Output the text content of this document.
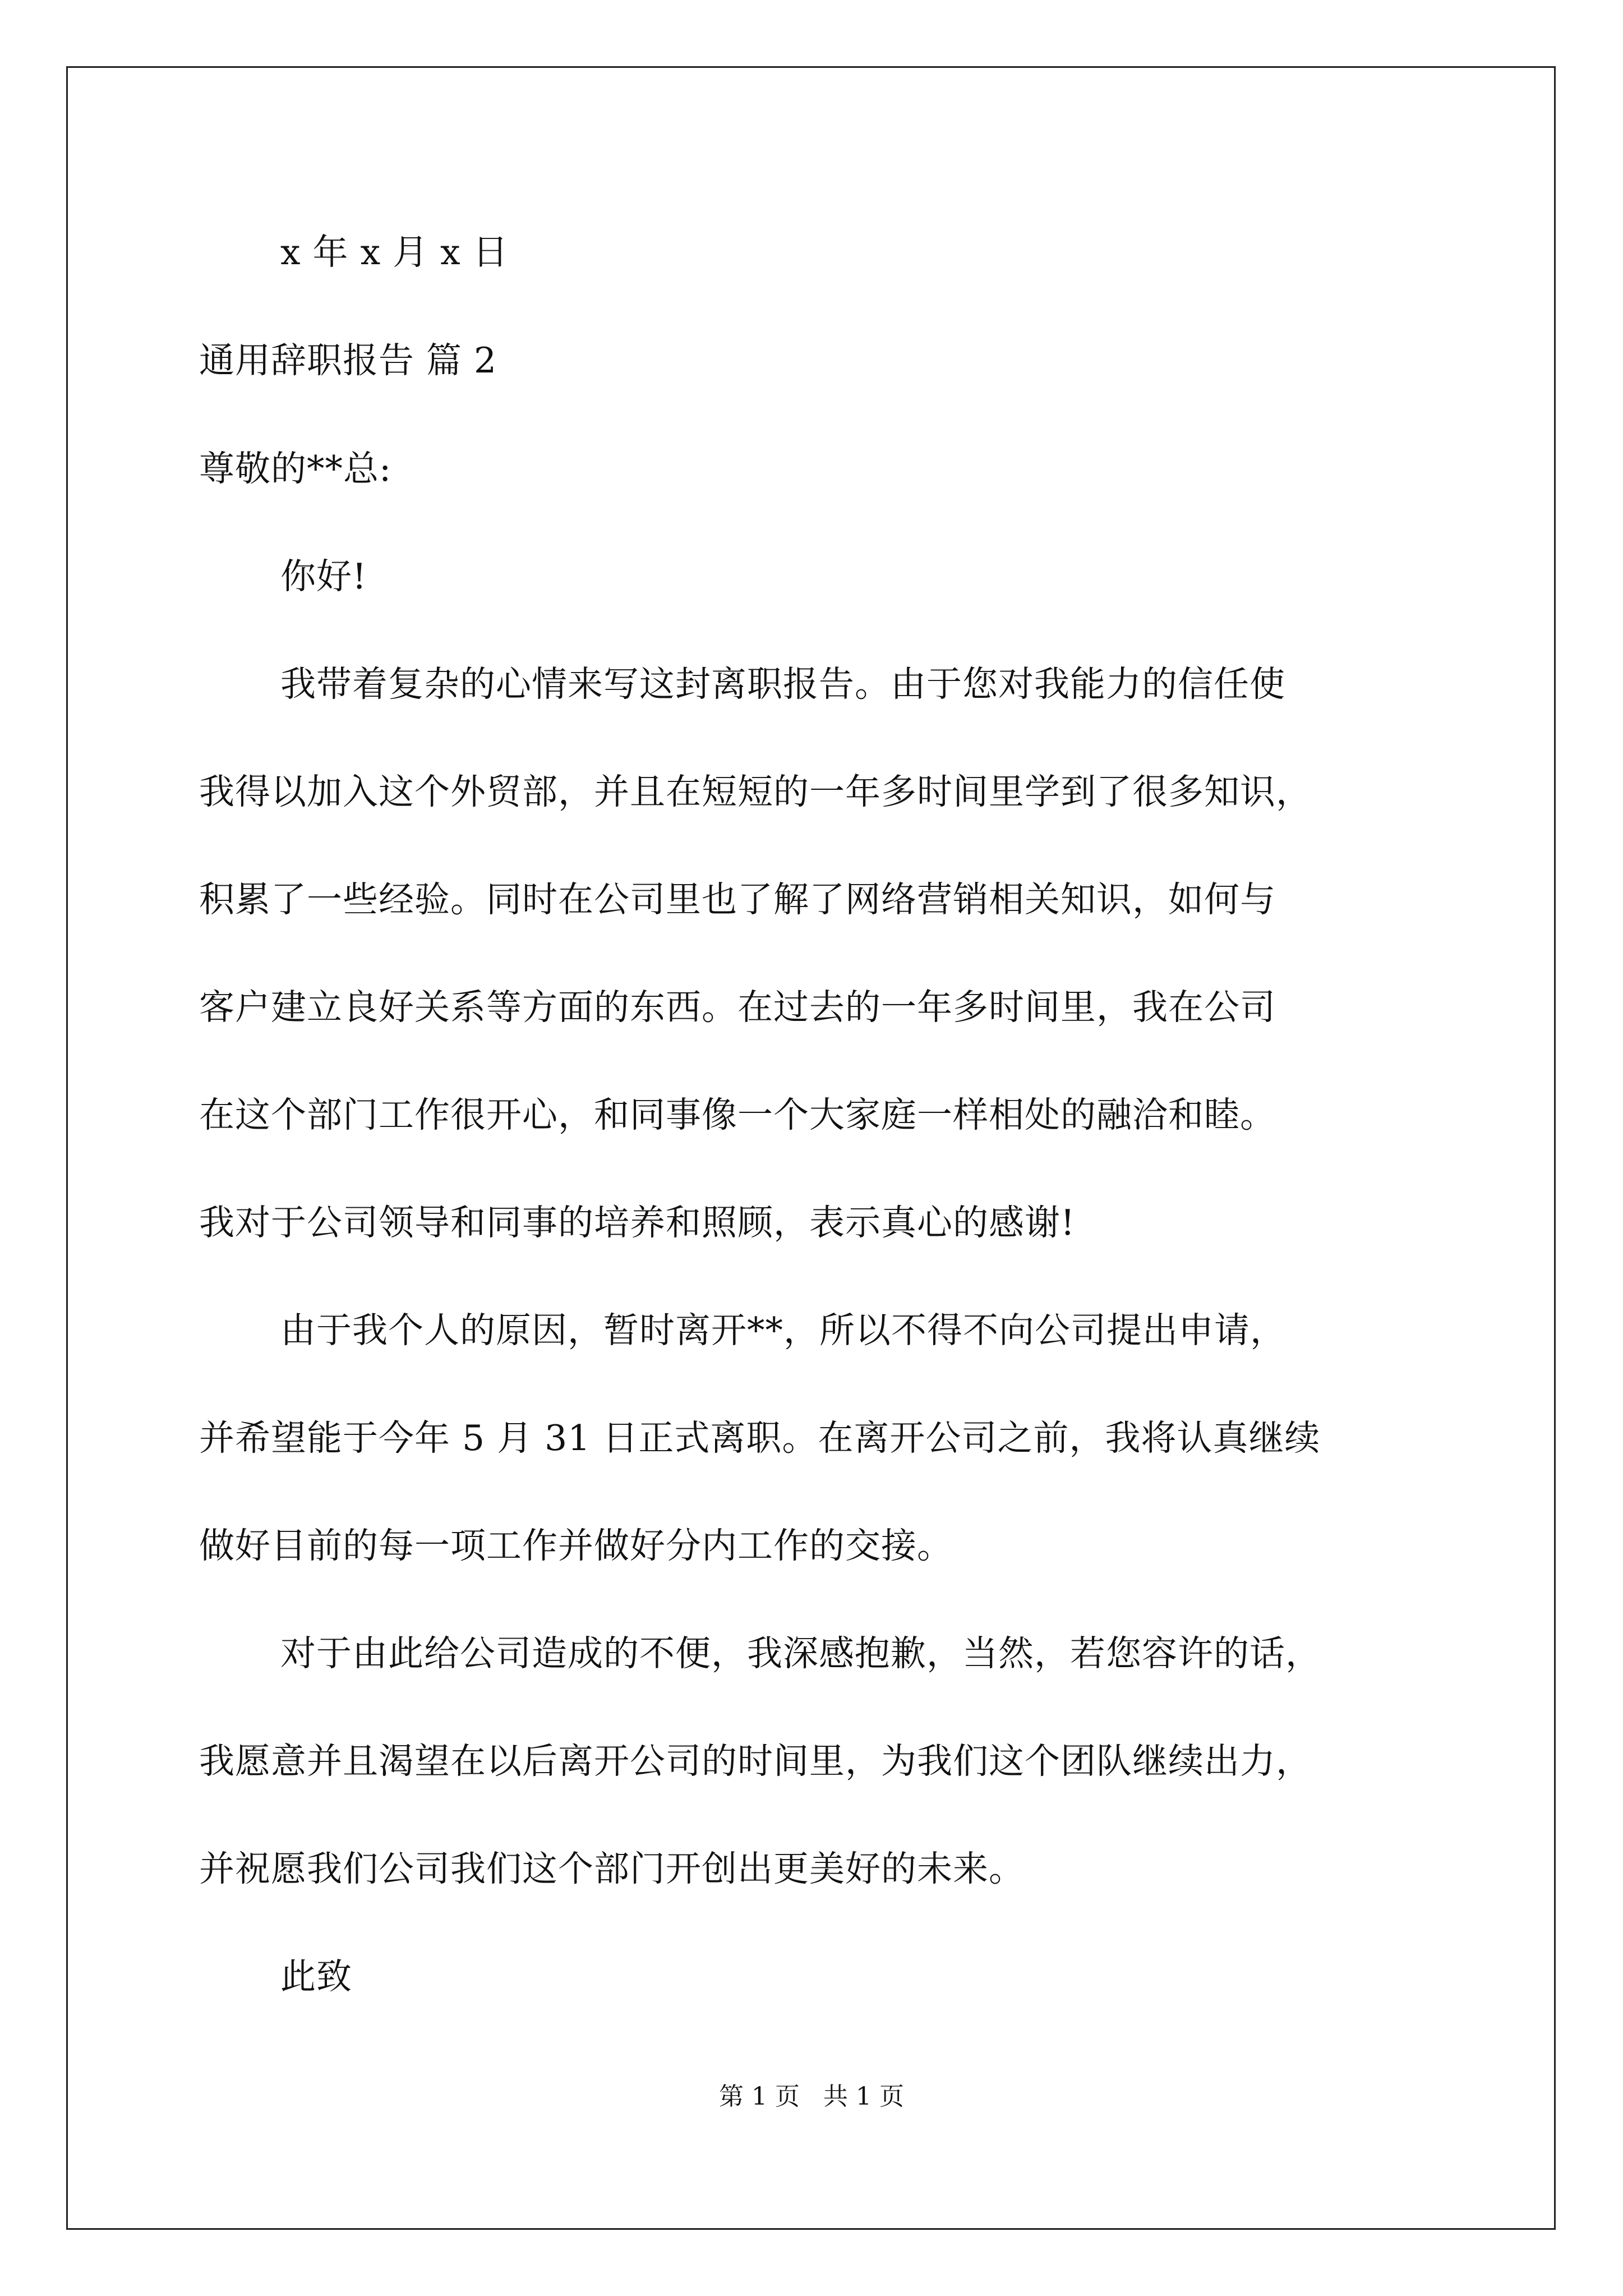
x 年 x 月 x 日
通用辞职报告 篇 2
尊敬的**总:
你好!
我带着复杂的心情来写这封离职报告。由于您对我能力的信任使
我得以加入这个外贸部，并且在短短的一年多时间里学到了很多知识，
积累了一些经验。同时在公司里也了解了网络营销相关知识，如何与
客户建立良好关系等方面的东西。在过去的一年多时间里，我在公司
在这个部门工作很开心，和同事像一个大家庭一样相处的融洽和睦。
我对于公司领导和同事的培养和照顾，表示真心的感谢!
由于我个人的原因，暂时离开**，所以不得不向公司提出申请，
并希望能于今年 5 月 31 日正式离职。在离开公司之前，我将认真继续
做好目前的每一项工作并做好分内工作的交接。
对于由此给公司造成的不便，我深感抱歉，当然，若您容许的话，
我愿意并且渴望在以后离开公司的时间里，为我们这个团队继续出力，
并祝愿我们公司我们这个部门开创出更美好的未来。
此致
第 1 页   共 1 页
